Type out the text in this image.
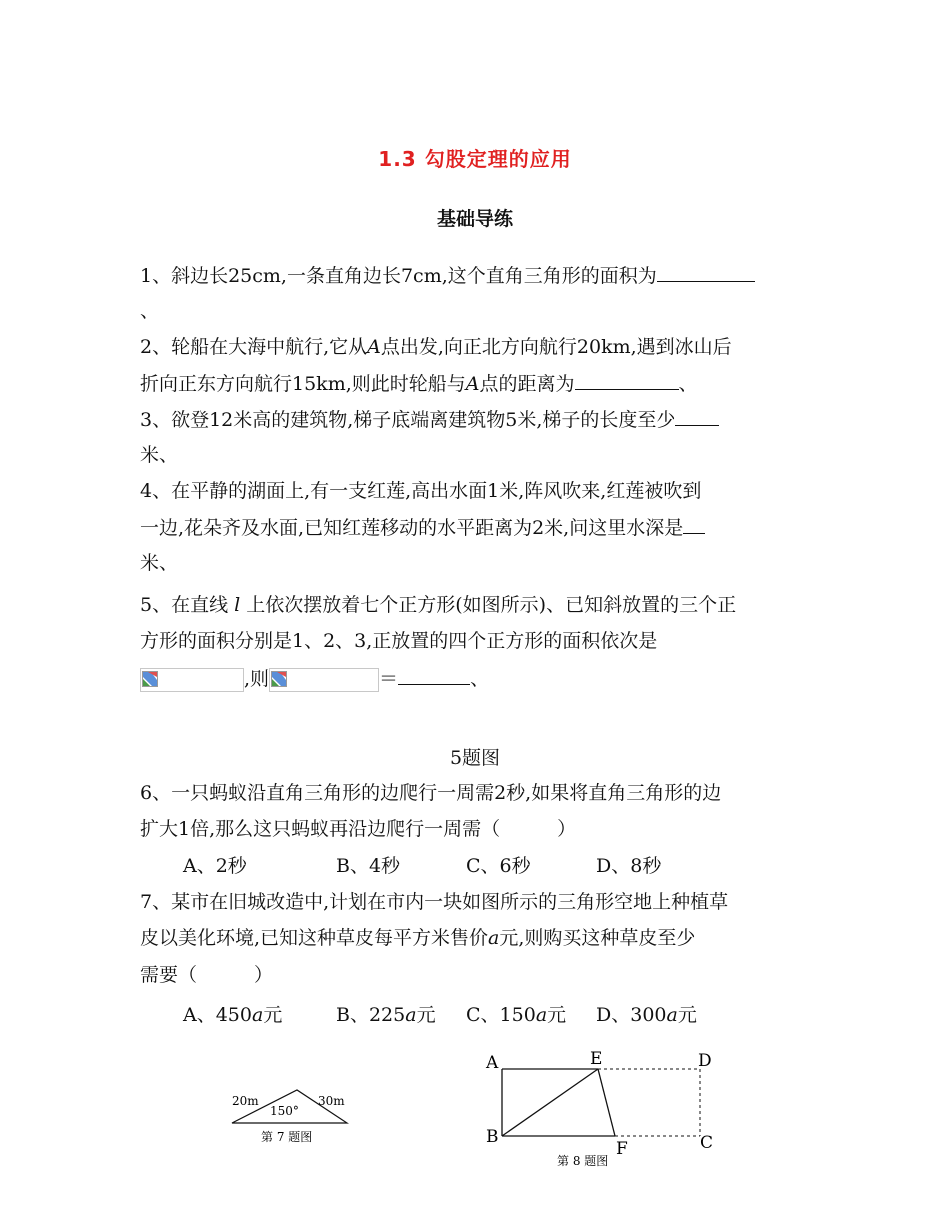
1.3 勾股定理的应用
基础导练
1、斜边长25cm,一条直角边长7cm,这个直角三角形的面积为
、
2、轮船在大海中航行,它从A点出发,向正北方向航行20km,遇到冰山后
折向正东方向航行15km,则此时轮船与A点的距离为	、
3、欲登12米高的建筑物,梯子底端离建筑物5米,梯子的长度至少
米、
4、在平静的湖面上,有一支红莲,高出水面1米,阵风吹来,红莲被吹到
一边,花朵齐及水面,已知红莲移动的水平距离为2米,问这里水深是
米、
5、在直线 l 上依次摆放着七个正方形(如图所示)、已知斜放置的三个正
方形的面积分别是1、2、3,正放置的四个正方形的面积依次是
,则	＝	、
5题图
6、一只蚂蚁沿直角三角形的边爬行一周需2秒,如果将直角三角形的边
扩大1倍,那么这只蚂蚁再沿边爬行一周需（　　　）
A、2秒	B、4秒	C、6秒	D、8秒
7、某市在旧城改造中,计划在市内一块如图所示的三角形空地上种植草
皮以美化环境,已知这种草皮每平方米售价a元,则购买这种草皮至少
需要（　　　）
A、450a元	B、225a元 C、150a元 D、300a元
20m	30m
150°
第 7 题图
A	E	D
B
F	C
第 8 题图
